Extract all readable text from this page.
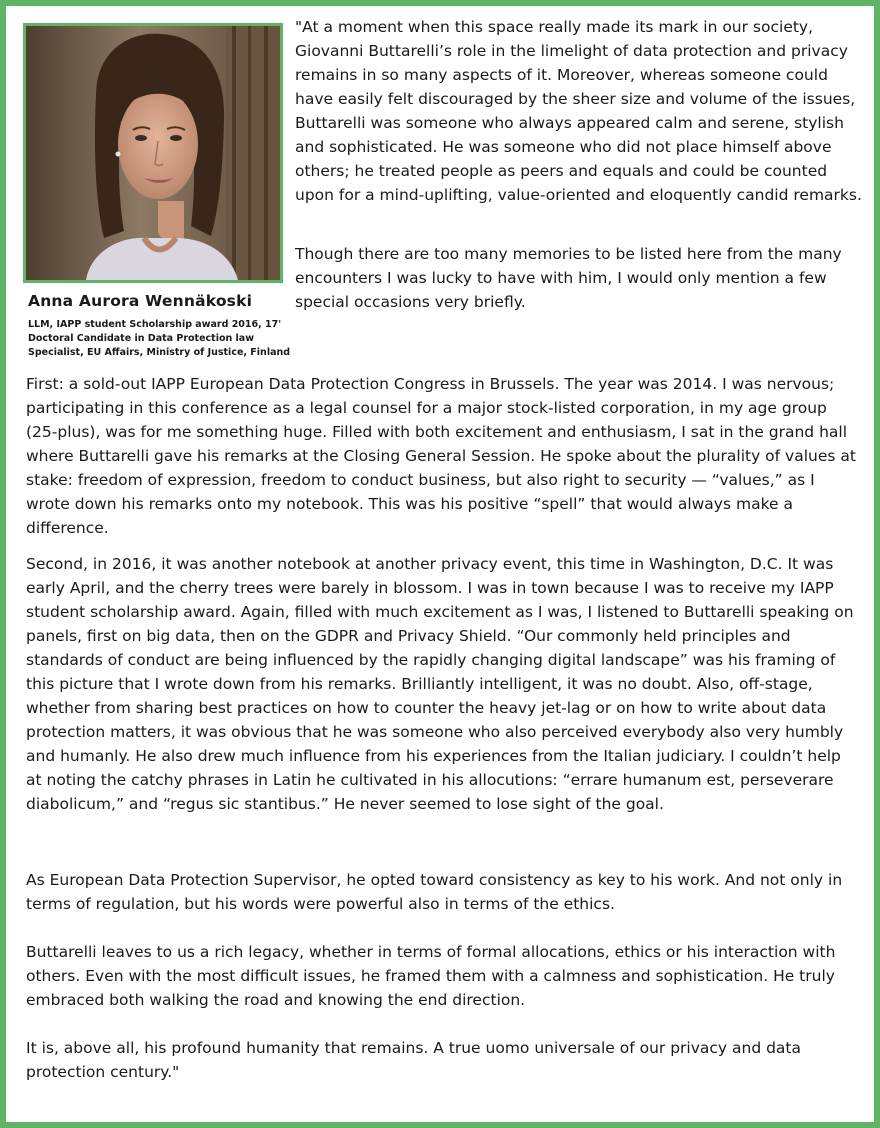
Anna Aurora Wennäkoski
LLM, IAPP student Scholarship award 2016, 17'
Doctoral Candidate in Data Protection law
Specialist, EU Affairs, Ministry of Justice, Finland

"At a moment when this space really made its mark in our society, Giovanni Buttarelli’s role in the limelight of data protection and privacy remains in so many aspects of it. Moreover, whereas someone could have easily felt discouraged by the sheer size and volume of the issues, Buttarelli was someone who always appeared calm and serene, stylish and sophisticated. He was someone who did not place himself above others; he treated people as peers and equals and could be counted upon for a mind-uplifting, value-oriented and eloquently candid remarks.

Though there are too many memories to be listed here from the many encounters I was lucky to have with him, I would only mention a few special occasions very briefly.

First: a sold-out IAPP European Data Protection Congress in Brussels. The year was 2014. I was nervous; participating in this conference as a legal counsel for a major stock-listed corporation, in my age group (25-plus), was for me something huge. Filled with both excitement and enthusiasm, I sat in the grand hall where Buttarelli gave his remarks at the Closing General Session. He spoke about the plurality of values at stake: freedom of expression, freedom to conduct business, but also right to security — “values,” as I wrote down his remarks onto my notebook. This was his positive “spell” that would always make a difference.

Second, in 2016, it was another notebook at another privacy event, this time in Washington, D.C. It was early April, and the cherry trees were barely in blossom. I was in town because I was to receive my IAPP student scholarship award. Again, filled with much excitement as I was, I listened to Buttarelli speaking on panels, first on big data, then on the GDPR and Privacy Shield. “Our commonly held principles and standards of conduct are being influenced by the rapidly changing digital landscape” was his framing of this picture that I wrote down from his remarks. Brilliantly intelligent, it was no doubt. Also, off-stage, whether from sharing best practices on how to counter the heavy jet-lag or on how to write about data protection matters, it was obvious that he was someone who also perceived everybody also very humbly and humanly. He also drew much influence from his experiences from the Italian judiciary. I couldn’t help at noting the catchy phrases in Latin he cultivated in his allocutions: “errare humanum est, perseverare diabolicum,” and “regus sic stantibus.” He never seemed to lose sight of the goal.

As European Data Protection Supervisor, he opted toward consistency as key to his work. And not only in terms of regulation, but his words were powerful also in terms of the ethics.

Buttarelli leaves to us a rich legacy, whether in terms of formal allocations, ethics or his interaction with others. Even with the most difficult issues, he framed them with a calmness and sophistication. He truly embraced both walking the road and knowing the end direction.

It is, above all, his profound humanity that remains. A true uomo universale of our privacy and data protection century."
